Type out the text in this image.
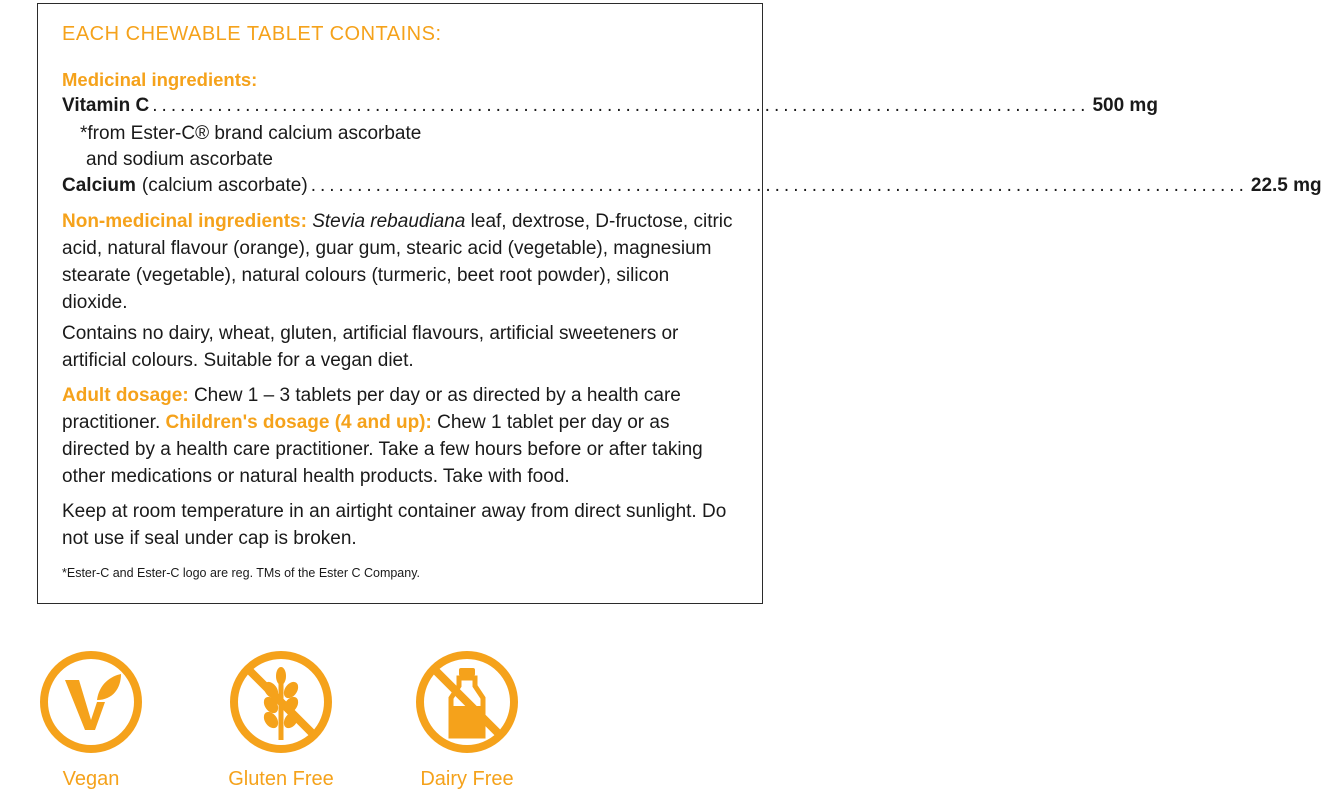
EACH CHEWABLE TABLET CONTAINS:
Medicinal ingredients:
Vitamin C ..................................................................................................... 500 mg
*from Ester-C® brand calcium ascorbate
and sodium ascorbate
Calcium (calcium ascorbate) ..................................................................................................... 22.5 mg
Non-medicinal ingredients: Stevia rebaudiana leaf, dextrose, D-fructose, citric acid, natural flavour (orange), guar gum, stearic acid (vegetable), magnesium stearate (vegetable), natural colours (turmeric, beet root powder), silicon dioxide.
Contains no dairy, wheat, gluten, artificial flavours, artificial sweeteners or artificial colours. Suitable for a vegan diet.
Adult dosage: Chew 1 – 3 tablets per day or as directed by a health care practitioner. Children's dosage (4 and up): Chew 1 tablet per day or as directed by a health care practitioner. Take a few hours before or after taking other medications or natural health products. Take with food.
Keep at room temperature in an airtight container away from direct sunlight. Do not use if seal under cap is broken.
*Ester-C and Ester-C logo are reg. TMs of the Ester C Company.
Vegan	Gluten Free	Dairy Free
